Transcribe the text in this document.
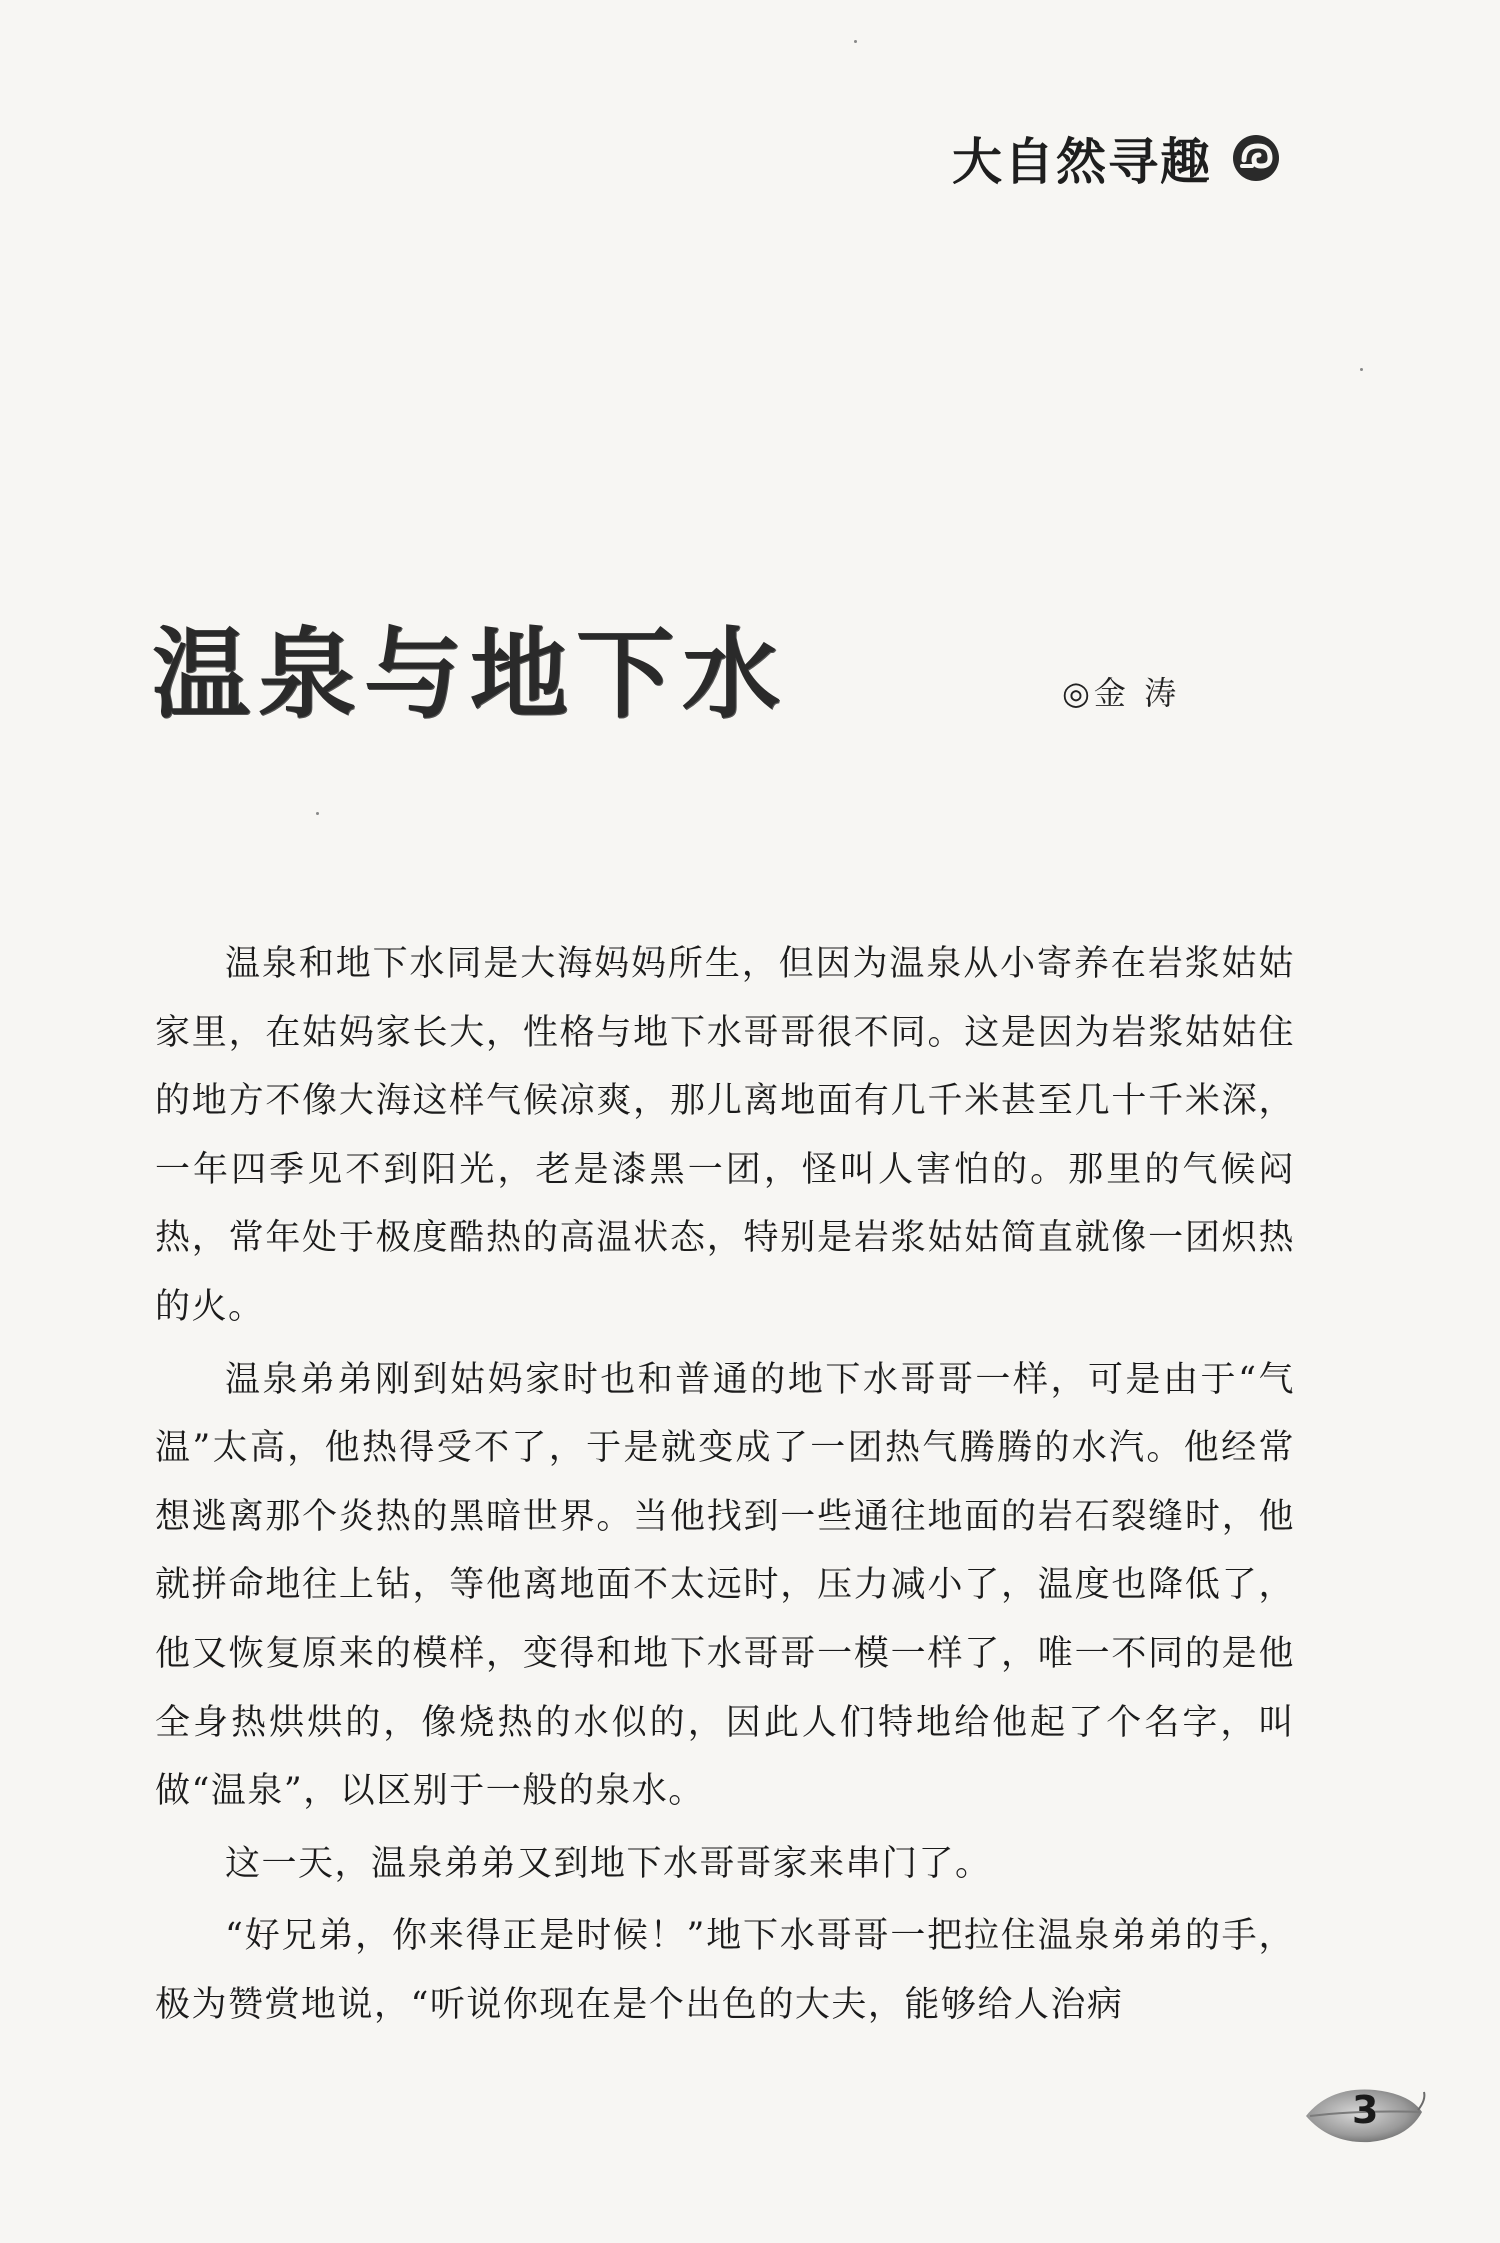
大自然寻趣
温泉与地下水	◎金 涛

温泉和地下水同是大海妈妈所生，但因为温泉从小寄养在岩浆姑姑家里，在姑妈家长大，性格与地下水哥哥很不同。这是因为岩浆姑姑住的地方不像大海这样气候凉爽，那儿离地面有几千米甚至几十千米深，一年四季见不到阳光，老是漆黑一团，怪叫人害怕的。那里的气候闷热，常年处于极度酷热的高温状态，特别是岩浆姑姑简直就像一团炽热的火。

温泉弟弟刚到姑妈家时也和普通的地下水哥哥一样，可是由于“气温”太高，他热得受不了，于是就变成了一团热气腾腾的水汽。他经常想逃离那个炎热的黑暗世界。当他找到一些通往地面的岩石裂缝时，他就拼命地往上钻，等他离地面不太远时，压力减小了，温度也降低了，他又恢复原来的模样，变得和地下水哥哥一模一样了，唯一不同的是他全身热烘烘的，像烧热的水似的，因此人们特地给他起了个名字，叫做“温泉”，以区别于一般的泉水。

这一天，温泉弟弟又到地下水哥哥家来串门了。

“好兄弟，你来得正是时候！”地下水哥哥一把拉住温泉弟弟的手，极为赞赏地说，“听说你现在是个出色的大夫，能够给人治病

3
